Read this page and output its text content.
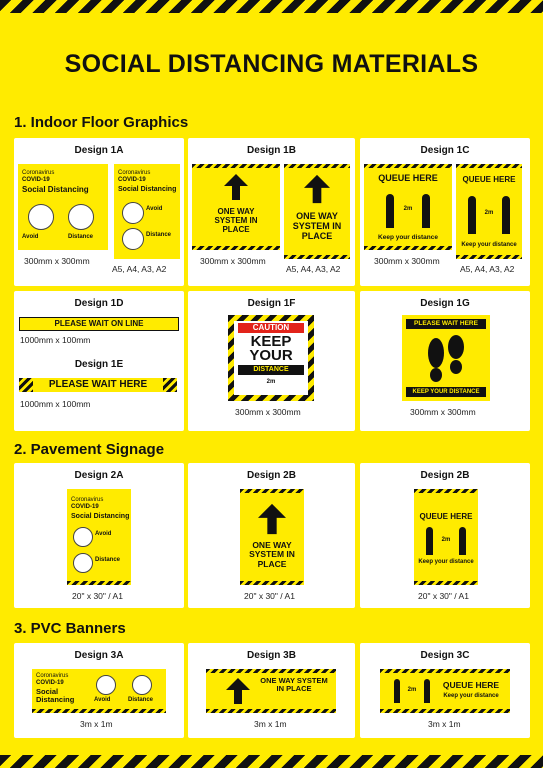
SOCIAL DISTANCING MATERIALS
1. Indoor Floor Graphics
Design 1A
Coronavirus
COVID-19
Social Distancing
Avoid	Distance
Coronavirus
COVID-19
Social Distancing
Avoid
Distance
300mm x 300mm
A5, A4, A3, A2
Design 1B
ONE WAY SYSTEM IN PLACE
ONE WAY SYSTEM IN PLACE
300mm x 300mm
A5, A4, A3, A2
Design 1C
QUEUE HERE
2m
Keep your distance
QUEUE HERE
2m
Keep your distance
300mm x 300mm
A5, A4, A3, A2
Design 1D
PLEASE WAIT ON LINE
1000mm x 100mm
Design 1E
PLEASE WAIT HERE
1000mm x 100mm
Design 1F
CAUTION
KEEP
YOUR
DISTANCE
2m
300mm x 300mm
Design 1G
PLEASE WAIT HERE
KEEP YOUR DISTANCE
300mm x 300mm
2. Pavement Signage
Design 2A
Coronavirus
COVID-19
Social Distancing
Avoid
Distance
20" x 30" / A1
Design 2B
ONE WAY SYSTEM IN PLACE
20" x 30" / A1
Design 2B
QUEUE HERE
2m
Keep your distance
20" x 30" / A1
3. PVC Banners
Design 3A
Coronavirus
COVID-19
Social Distancing	Avoid	Distance
3m x 1m
Design 3B
ONE WAY SYSTEM IN PLACE
3m x 1m
Design 3C
2m	QUEUE HERE
Keep your distance
3m x 1m
